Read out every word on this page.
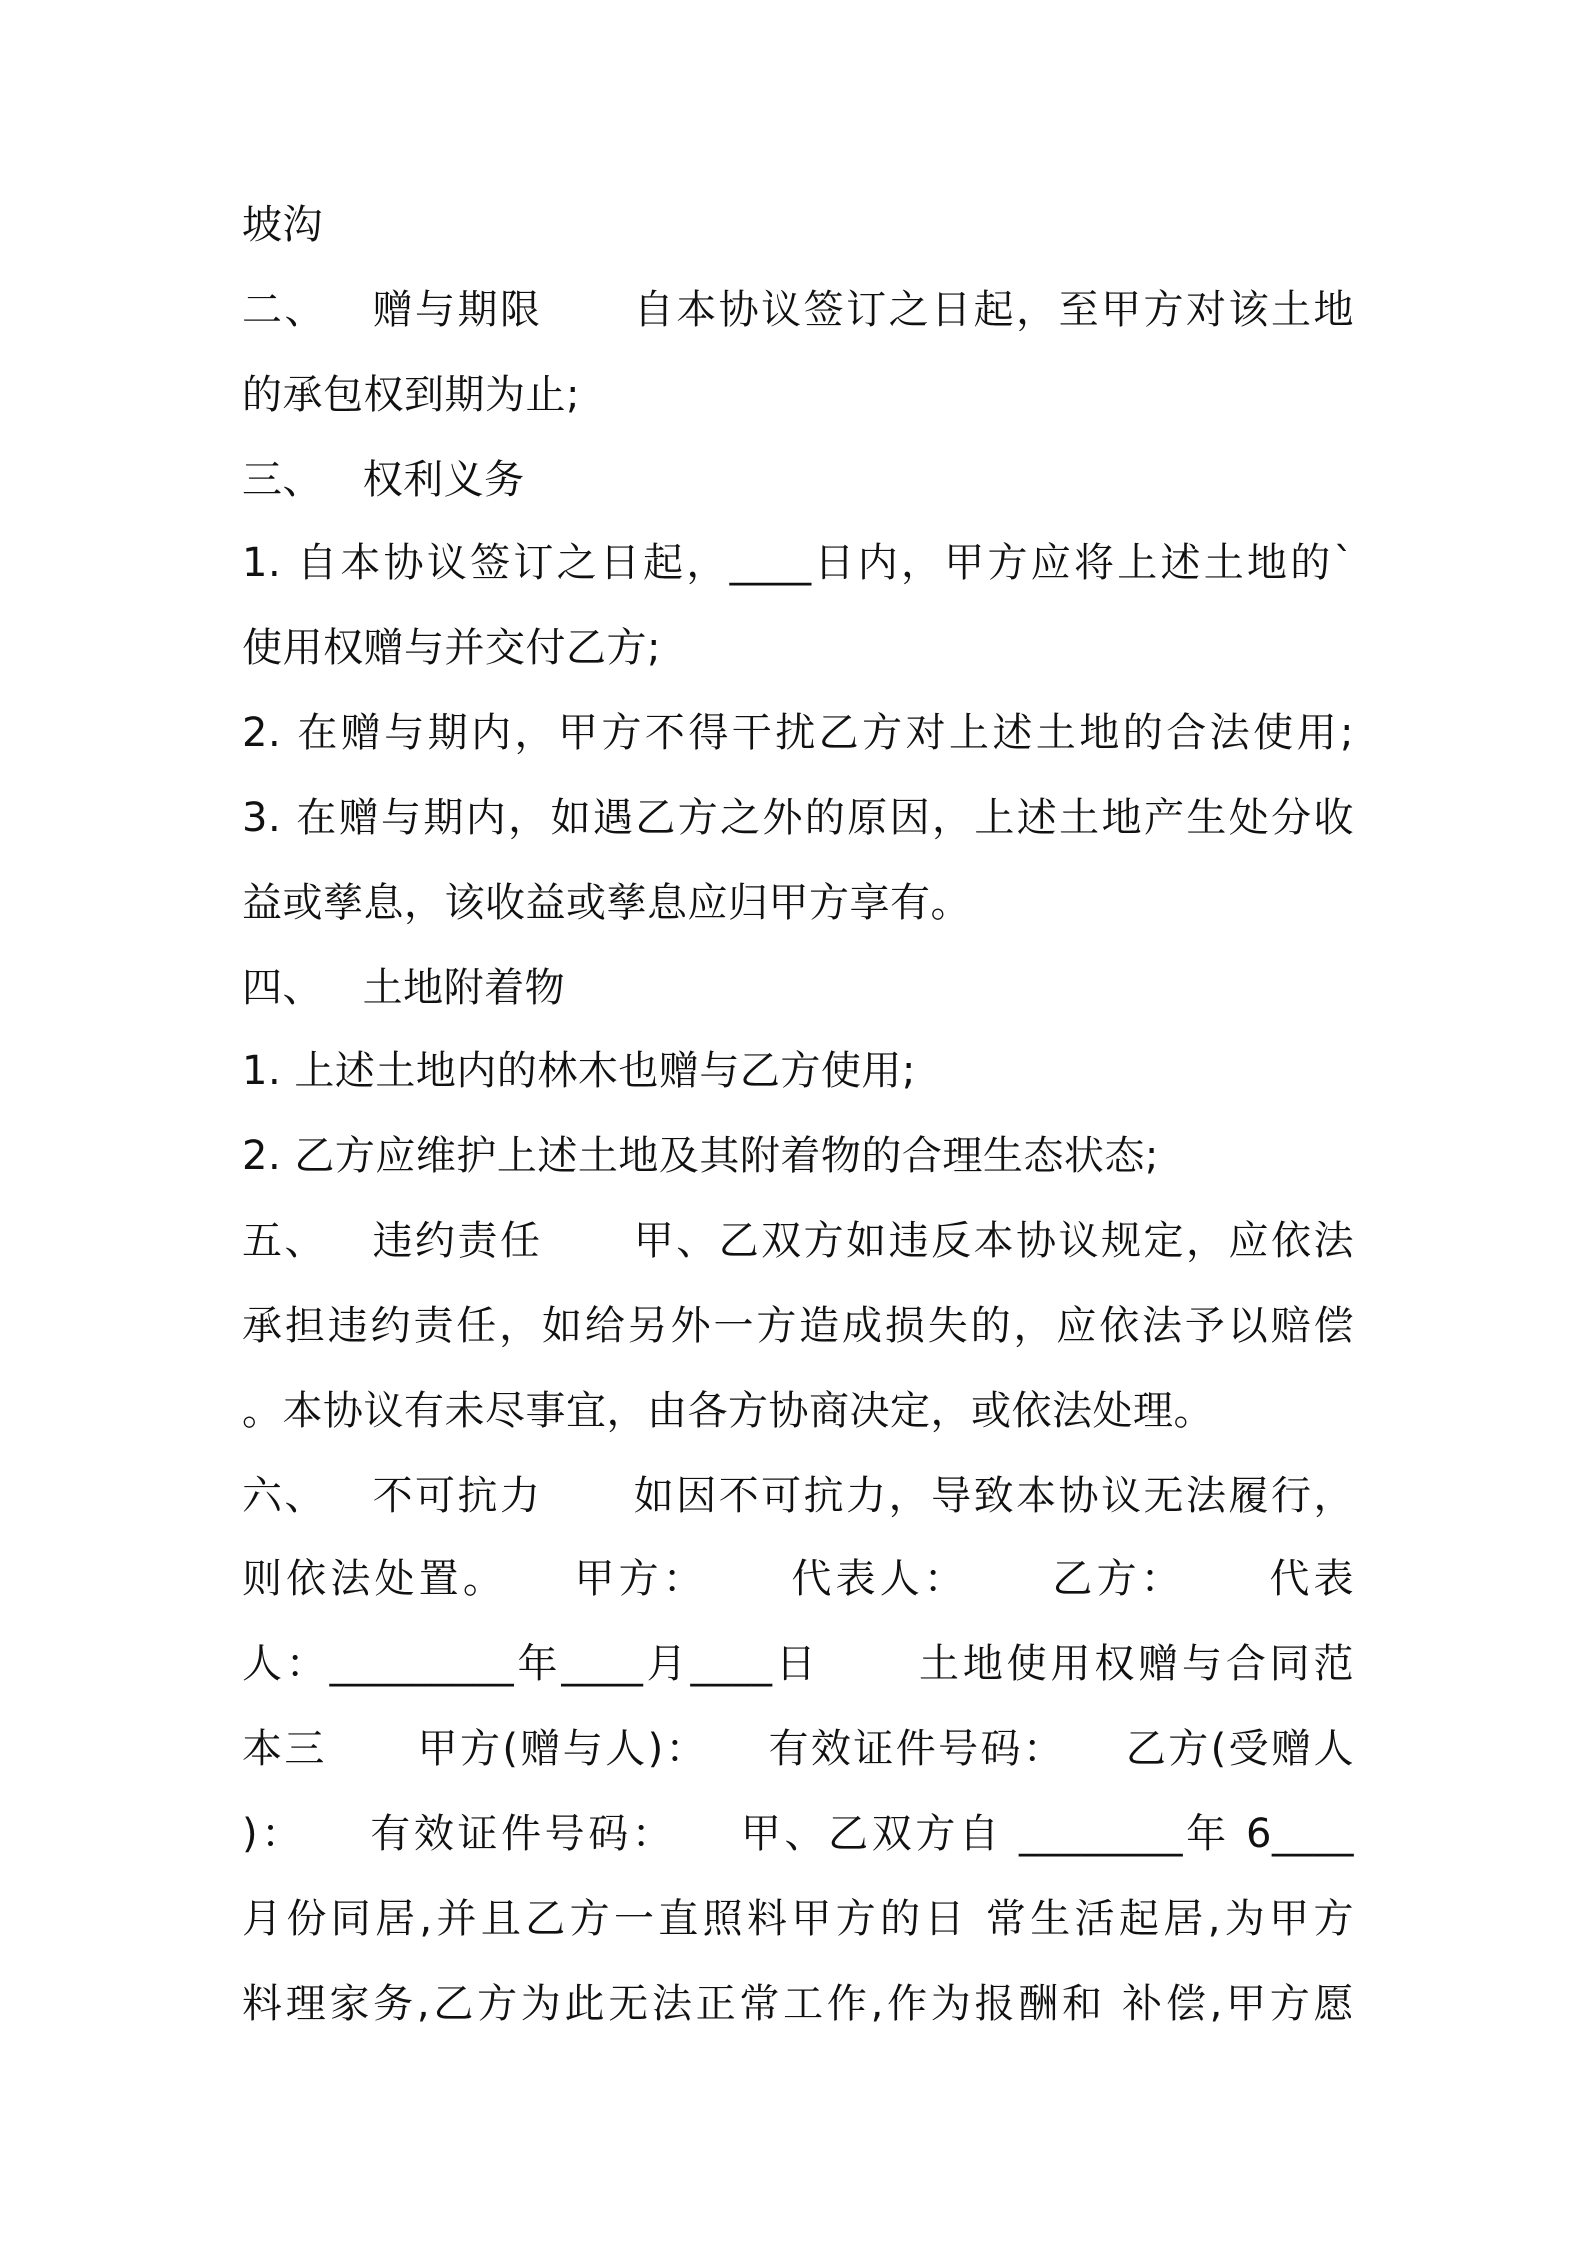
坡沟
二、   赠与期限      自本协议签订之日起，至甲方对该土地
的承包权到期为止;
三、   权利义务
1. 自本协议签订之日起，____日内，甲方应将上述土地的`
使用权赠与并交付乙方;
2. 在赠与期内，甲方不得干扰乙方对上述土地的合法使用;
3. 在赠与期内，如遇乙方之外的原因，上述土地产生处分收
益或孳息，该收益或孳息应归甲方享有。
四、   土地附着物
1. 上述土地内的林木也赠与乙方使用;
2. 乙方应维护上述土地及其附着物的合理生态状态;
五、   违约责任      甲、乙双方如违反本协议规定，应依法
承担违约责任，如给另外一方造成损失的，应依法予以赔偿
。本协议有未尽事宜，由各方协商决定，或依法处理。
六、   不可抗力      如因不可抗力，导致本协议无法履行，
则依法处置。    甲方：     代表人：     乙方：     代表
人：_________年____月____日      土地使用权赠与合同范
本三      甲方(赠与人)：    有效证件号码：    乙方(受赠人
)：    有效证件号码：    甲、乙双方自 ________年 6____
月份同居,并且乙方一直照料甲方的日 常生活起居,为甲方
料理家务,乙方为此无法正常工作,作为报酬和 补偿,甲方愿
